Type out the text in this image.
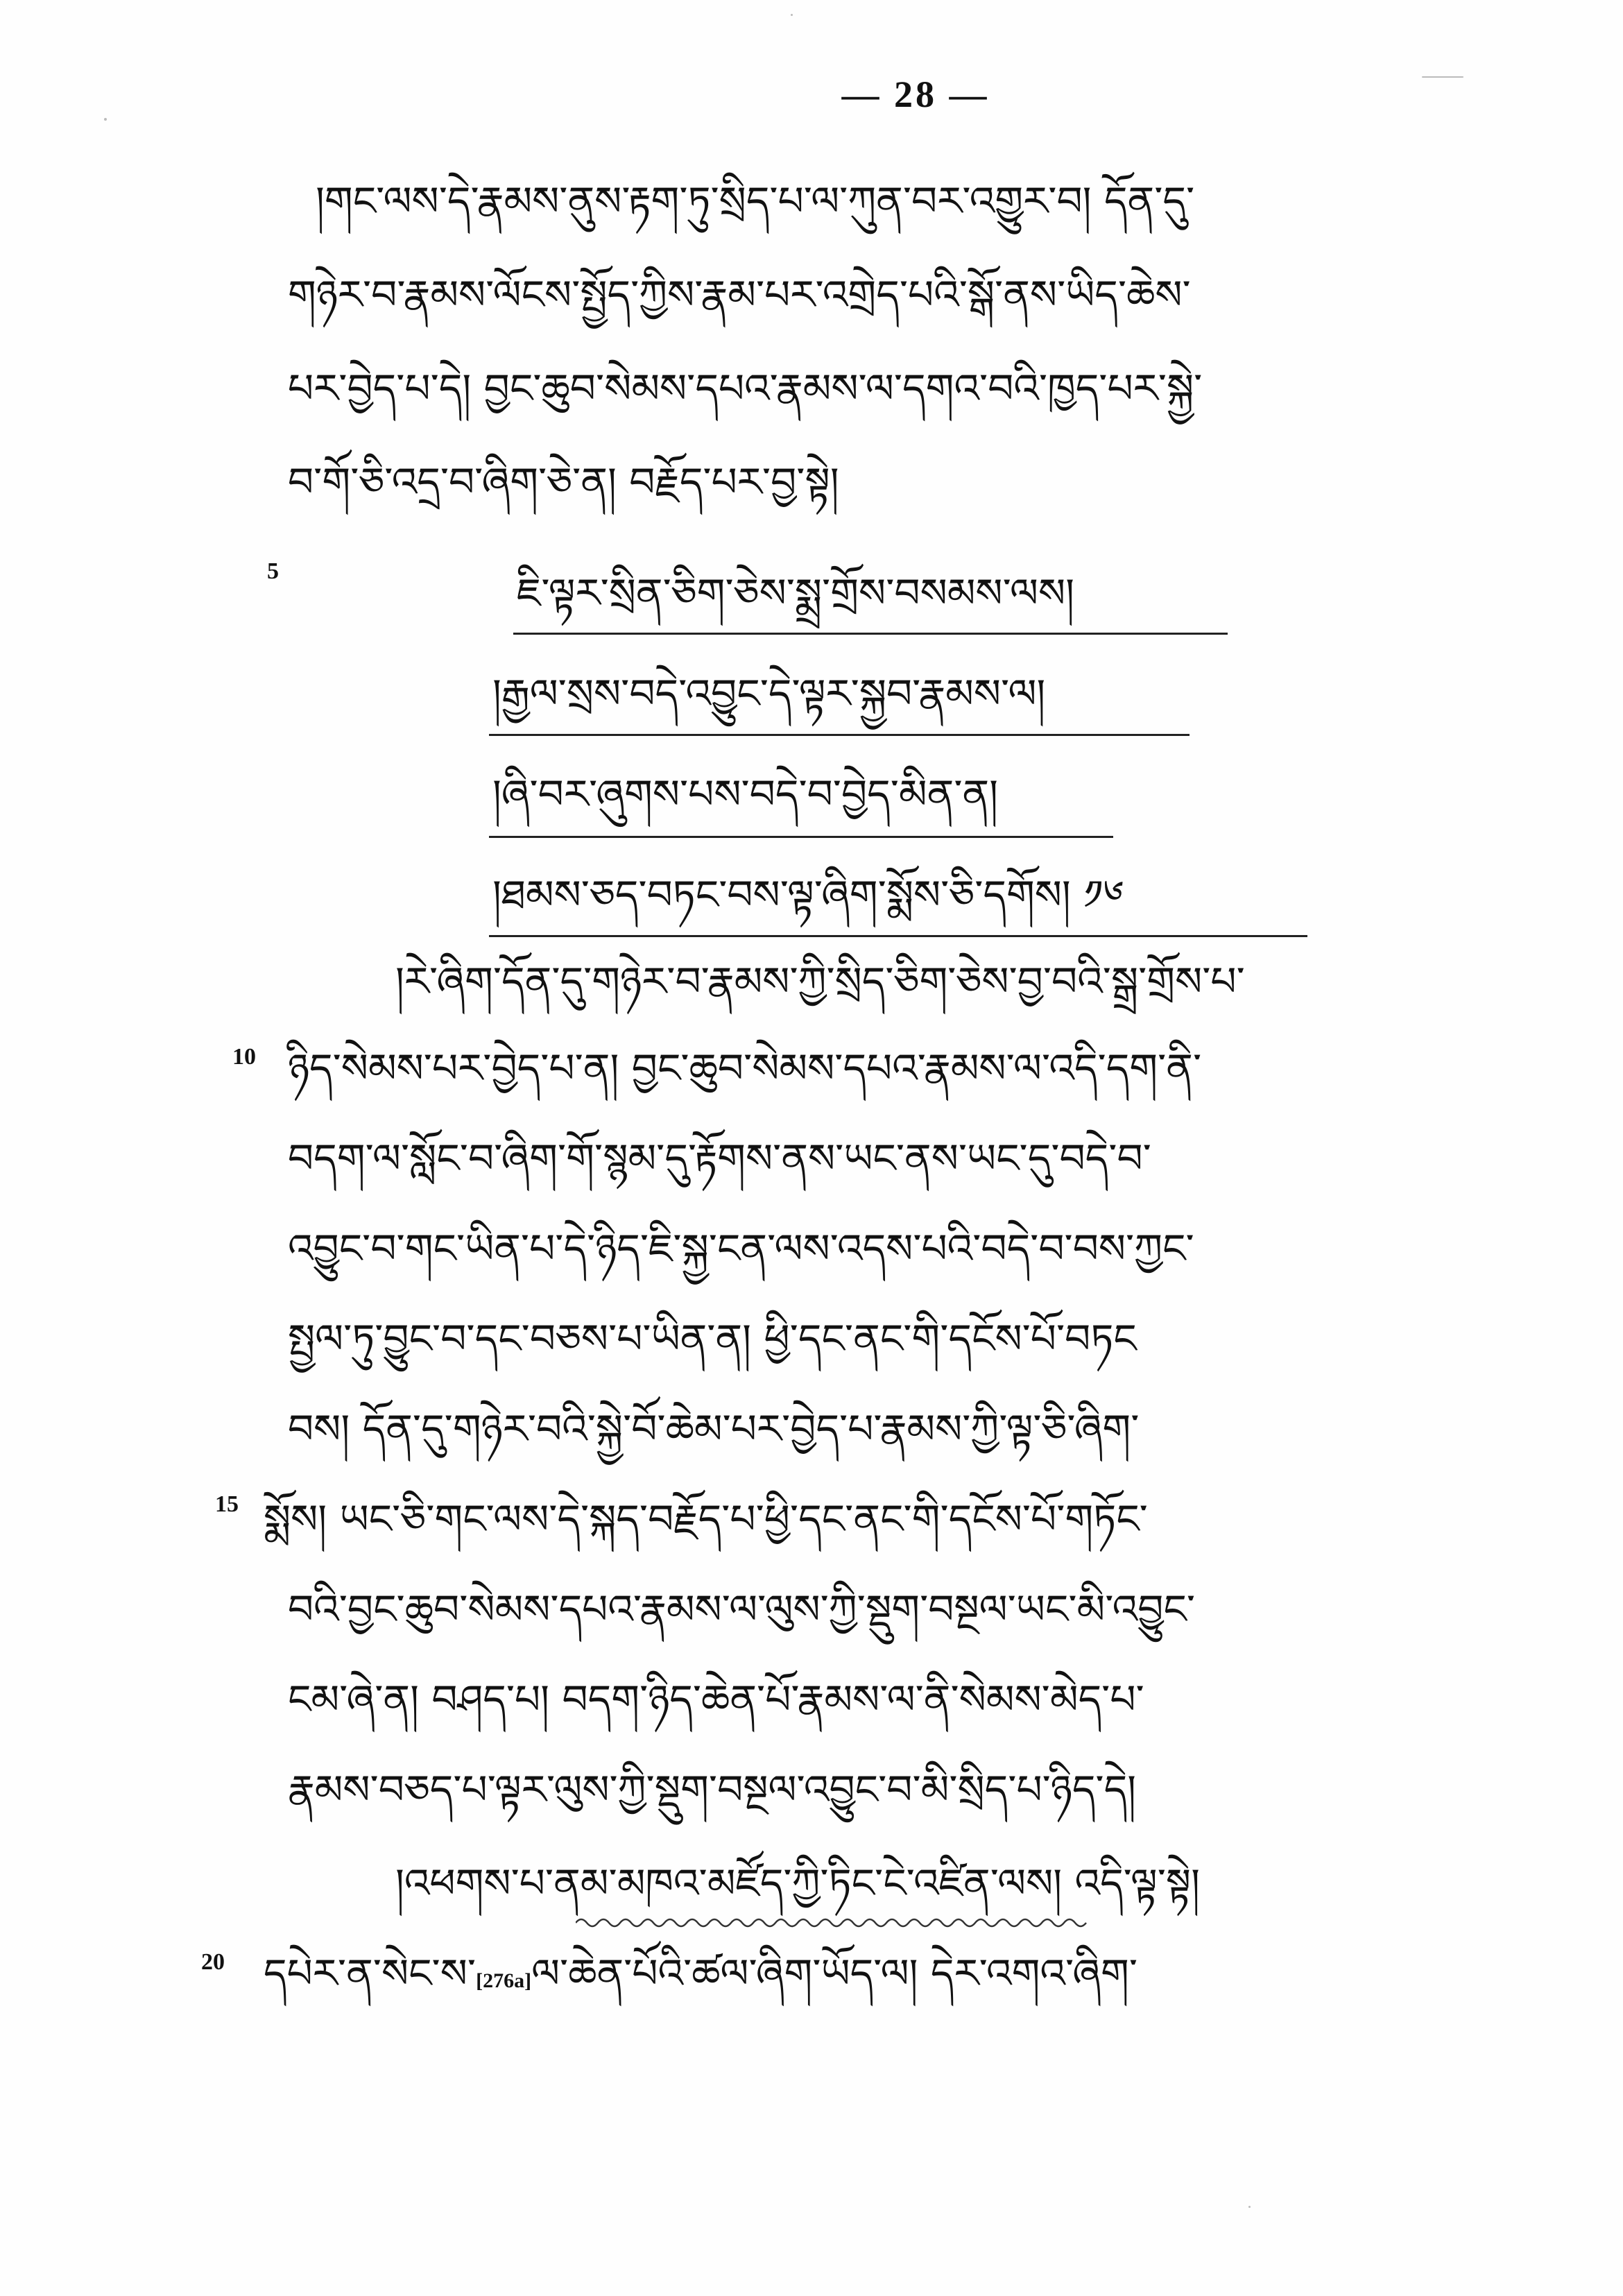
— 28 —
།གང་ལས་དེ་རྣམས་ནུས་རྟག་ཏུ་སྲིད་པ་ལ་ཀུན་བར་འགྱུར་བ། དོན་དུ་
གཉེར་བ་རྣམས་ལོངས་སྤྱོད་ཀྱིས་རྣམ་པར་འགྲེད་པའི་སྒོ་ནས་ཡིད་ཆེས་
པར་བྱེད་པ་དེ། བྱང་ཆུབ་སེམས་དཔའ་རྣམས་ལ་དགའ་བའི་ཁྱད་པར་སྐྱེ་
བ་གོ་ཅི་འདྲ་བ་ཞིག་ཅེ་ན། བརྗོད་པར་བྱ་སྟེ།
5	ཇི་ལྟར་སྲིན་ཅིག་ཅེས་སྨྲ་གྲོས་བསམས་ལས།
།རྒྱལ་སྲས་བདེ་འབྱུང་དེ་ལྟར་སྐྱབ་རྣམས་ལ།
།ཞི་བར་ཞུགས་པས་བདེ་བ་བྱེད་མིན་ན།
།ཐམས་ཅད་བཏང་བས་ལྟ་ཞིག་སྨོས་ཅི་དགོས། ༡༦
།རེ་ཞིག་དོན་དུ་གཉེར་བ་རྣམས་ཀྱི་སྲིད་ཅིག་ཅེས་བྱ་བའི་སྒྲ་གྲོས་པ་
10 ཉིད་སེམས་པར་བྱེད་པ་ན། བྱང་ཆུབ་སེམས་དཔའ་རྣམས་ལ་འདི་དག་ནི་
བདག་ལ་སློང་བ་ཞིག་གོ་སྙམ་དུ་རྟོགས་ནས་ཡང་ནས་ཡང་དུ་བདེ་བ་
འབྱུང་བ་གང་ཡིན་པ་དེ་ཉིད་ཇི་སྐྱ་ངན་ལས་འདས་པའི་བདེ་བ་བས་ཀྱང་
སྤྱལ་ཏུ་བྱུང་བ་དང་བཅས་པ་ཡིན་ན། ཕྱི་དང་ནང་གི་དངོས་པོ་བཏང
བས། དོན་དུ་གཉེར་བའི་སྐྱེ་བོ་ཆེམ་པར་བྱེད་པ་རྣམས་ཀྱི་ལྟ་ཅི་ཞིག་
15 སྨོས། ཡང་ཅི་གང་ལས་དེ་སྐད་བརྗོད་པ་ཕྱི་དང་ནང་གི་དངོས་པོ་གཏོང་
བའི་བྱང་ཆུབ་སེམས་དཔའ་རྣམས་ལ་ལུས་ཀྱི་སྡུག་བསྔལ་ཡང་མི་འབྱུང་
ངམ་ཞེ་ན། བཤད་པ། བདག་ཉིད་ཆེན་པོ་རྣམས་ལ་ནི་སེམས་མེད་པ་
རྣམས་བཅད་པ་ལྟར་ལུས་ཀྱི་སྡུག་བསྔལ་འབྱུང་བ་མི་སྲིད་པ་ཉིད་དེ།
།འཕགས་པ་ནམ་མཁའ་མཛོད་ཀྱི་ཏིང་ངེ་འཛིན་ལས། འདི་ལྟ་སྟེ།
20 དཔེར་ན་སེང་ས་[276a]ལ་ཆེན་པོའི་ཚལ་ཞིག་ཡོད་ལ། དེར་འགའ་ཞིག་
